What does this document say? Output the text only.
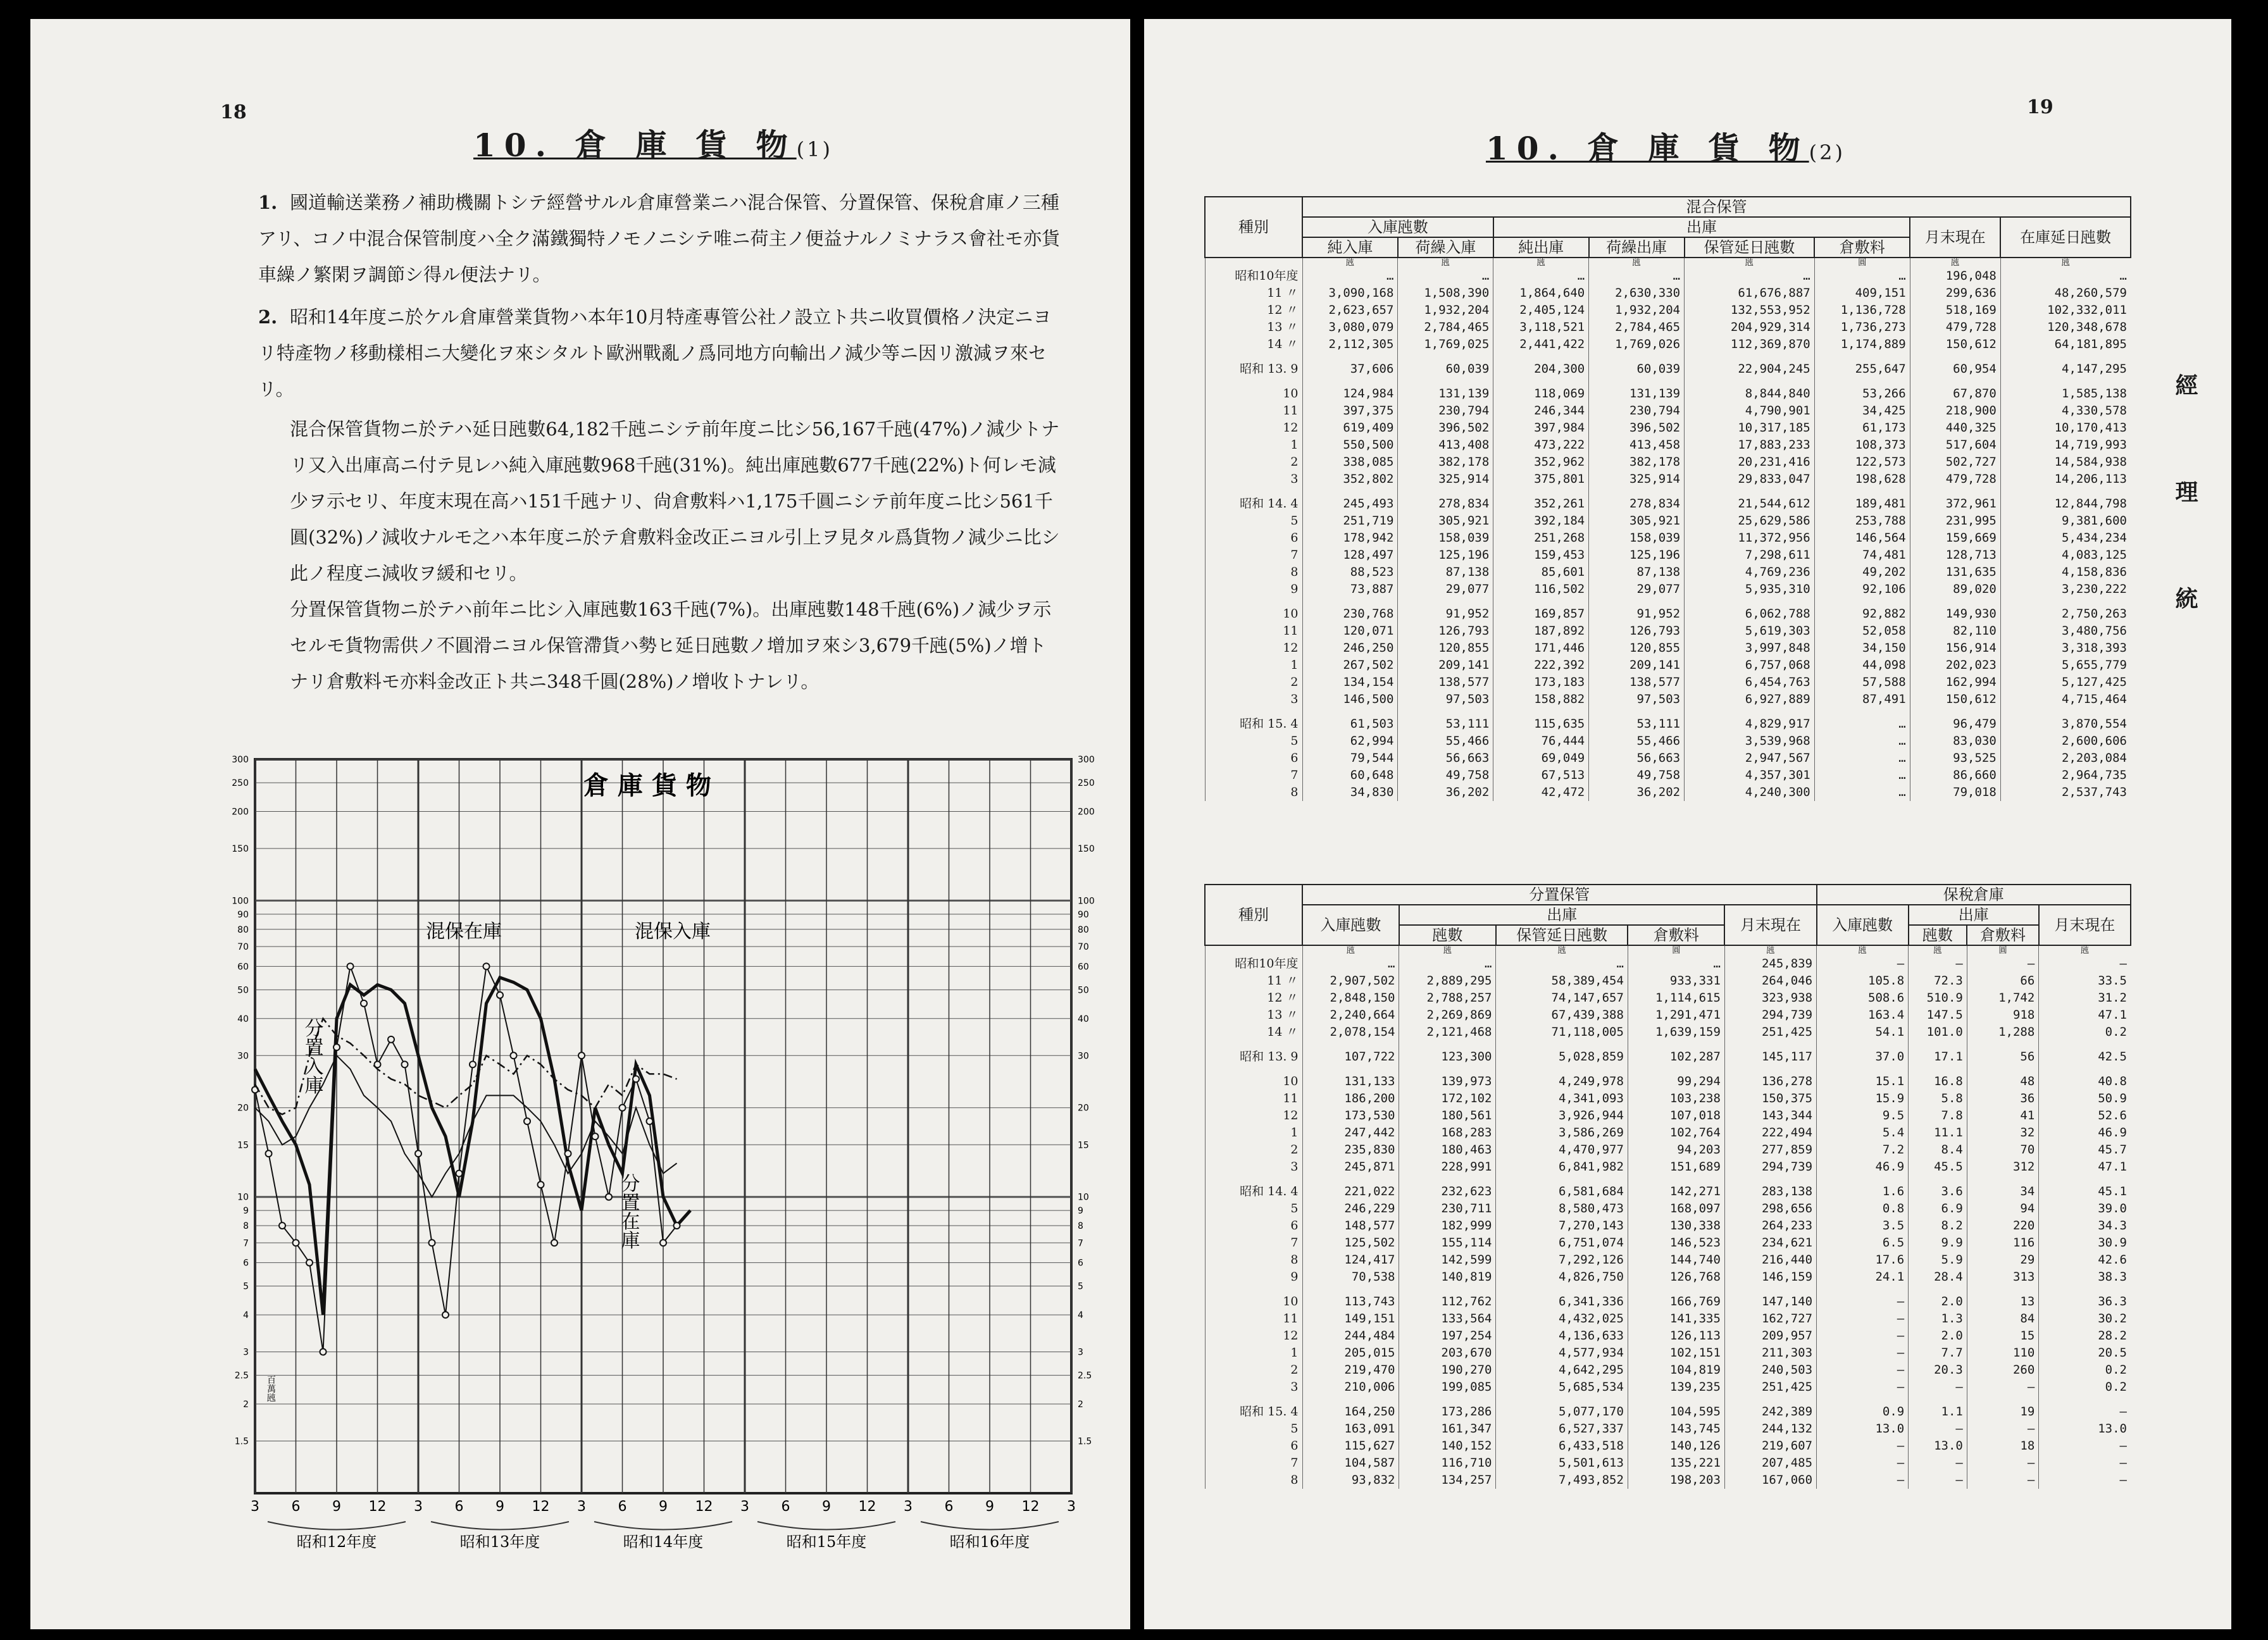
18
10. 倉 庫 貨 物(1)
1. 國道輸送業務ノ補助機關トシテ經營サルル倉庫營業ニハ混合保管、分置保管、保稅倉庫ノ三種アリ、コノ中混合保管制度ハ全ク滿鐵獨特ノモノニシテ唯ニ荷主ノ便益ナルノミナラス會社モ亦貨車繰ノ繁閑ヲ調節シ得ル便法ナリ。
2. 昭和14年度ニ於ケル倉庫營業貨物ハ本年10月特產專管公社ノ設立ト共ニ收買價格ノ決定ニヨリ特產物ノ移動樣相ニ大變化ヲ來シタルト歐洲戰亂ノ爲同地方向輸出ノ減少等ニ因リ激減ヲ來セリ。
混合保管貨物ニ於テハ延日瓲數64,182千瓲ニシテ前年度ニ比シ56,167千瓲(47%)ノ減少トナリ又入出庫高ニ付テ見レハ純入庫瓲數968千瓲(31%)。純出庫瓲數677千瓲(22%)ト何レモ減少ヲ示セリ、年度末現在高ハ151千瓲ナリ、尙倉敷料ハ1,175千圓ニシテ前年度ニ比シ561千圓(32%)ノ減收ナルモ之ハ本年度ニ於テ倉敷料金改正ニヨル引上ヲ見タル爲貨物ノ減少ニ比シ此ノ程度ニ減收ヲ緩和セリ。
分置保管貨物ニ於テハ前年ニ比シ入庫瓲數163千瓲(7%)。出庫瓲數148千瓲(6%)ノ減少ヲ示セルモ貨物需供ノ不圓滑ニヨル保管滯貨ハ勢ヒ延日瓲數ノ增加ヲ來シ3,679千瓲(5%)ノ增トナリ倉敷料モ亦料金改正ト共ニ348千圓(28%)ノ增收トナレリ。
300	300
250	250
200	200
150	150
100	100
90	90
80	80
70	70
60	60
50	50
40	40
30	30
20	20
15	15
10	10
9	9
8	8
7	7
6	6
5	5
4	4
3	3
2.5	2.5
2	2
1.5	1.5
3 6 9 12 3 6 9 12 3 6 9 12 3 6 9 12 3 6 9 12 3
昭和12年度	昭和13年度	昭和14年度	昭和15年度	昭和16年度
倉 庫 貨 物
百萬瓲
混保在庫	混保入庫
分置入庫
分置在庫
19
10. 倉 庫 貨 物(2)
經 理 統
種別	混合保管							
	入庫瓲數		出庫				月末現在	在庫延日瓲數
	純入庫	荷繰入庫	純出庫	荷繰出庫	保管延日瓲數	倉敷料		
	瓲	瓲	瓲	瓲	瓲	圓	瓲	瓲
昭和10年度	…	…	…	…	…	…	196,048	…
11 〃	3,090,168	1,508,390	1,864,640	2,630,330	61,676,887	409,151	299,636	48,260,579
12 〃	2,623,657	1,932,204	2,405,124	1,932,204	132,553,952	1,136,728	518,169	102,332,011
13 〃	3,080,079	2,784,465	3,118,521	2,784,465	204,929,314	1,736,273	479,728	120,348,678
14 〃	2,112,305	1,769,025	2,441,422	1,769,026	112,369,870	1,174,889	150,612	64,181,895

昭和 13. 9	37,606	60,039	204,300	60,039	22,904,245	255,647	60,954	4,147,295

10	124,984	131,139	118,069	131,139	8,844,840	53,266	67,870	1,585,138
11	397,375	230,794	246,344	230,794	4,790,901	34,425	218,900	4,330,578
12	619,409	396,502	397,984	396,502	10,317,185	61,173	440,325	10,170,413
1	550,500	413,408	473,222	413,458	17,883,233	108,373	517,604	14,719,993
2	338,085	382,178	352,962	382,178	20,231,416	122,573	502,727	14,584,938
3	352,802	325,914	375,801	325,914	29,833,047	198,628	479,728	14,206,113

昭和 14. 4	245,493	278,834	352,261	278,834	21,544,612	189,481	372,961	12,844,798
5	251,719	305,921	392,184	305,921	25,629,586	253,788	231,995	9,381,600
6	178,942	158,039	251,268	158,039	11,372,956	146,564	159,669	5,434,234
7	128,497	125,196	159,453	125,196	7,298,611	74,481	128,713	4,083,125
8	88,523	87,138	85,601	87,138	4,769,236	49,202	131,635	4,158,836
9	73,887	29,077	116,502	29,077	5,935,310	92,106	89,020	3,230,222

10	230,768	91,952	169,857	91,952	6,062,788	92,882	149,930	2,750,263
11	120,071	126,793	187,892	126,793	5,619,303	52,058	82,110	3,480,756
12	246,250	120,855	171,446	120,855	3,997,848	34,150	156,914	3,318,393
1	267,502	209,141	222,392	209,141	6,757,068	44,098	202,023	5,655,779
2	134,154	138,577	173,183	138,577	6,454,763	57,588	162,994	5,127,425
3	146,500	97,503	158,882	97,503	6,927,889	87,491	150,612	4,715,464

昭和 15. 4	61,503	53,111	115,635	53,111	4,829,917	…	96,479	3,870,554
5	62,994	55,466	76,444	55,466	3,539,968	…	83,030	2,600,606
6	79,544	56,663	69,049	56,663	2,947,567	…	93,525	2,203,084
7	60,648	49,758	67,513	49,758	4,357,301	…	86,660	2,964,735
8	34,830	36,202	42,472	36,202	4,240,300	…	79,018	2,537,743
種別	分置保管					保稅倉庫			
	入庫瓲數	出庫			月末現在	入庫瓲數	出庫		月末現在
		瓲數	保管延日瓲數	倉敷料			瓲數	倉敷料	
	瓲	瓲	瓲	圓	瓲	瓲	瓲	圓	瓲
昭和10年度	…	…	…	…	245,839	—	—	—	—
11 〃	2,907,502	2,889,295	58,389,454	933,331	264,046	105.8	72.3	66	33.5
12 〃	2,848,150	2,788,257	74,147,657	1,114,615	323,938	508.6	510.9	1,742	31.2
13 〃	2,240,664	2,269,869	67,439,388	1,291,471	294,739	163.4	147.5	918	47.1
14 〃	2,078,154	2,121,468	71,118,005	1,639,159	251,425	54.1	101.0	1,288	0.2

昭和 13. 9	107,722	123,300	5,028,859	102,287	145,117	37.0	17.1	56	42.5

10	131,133	139,973	4,249,978	99,294	136,278	15.1	16.8	48	40.8
11	186,200	172,102	4,341,093	103,238	150,375	15.9	5.8	36	50.9
12	173,530	180,561	3,926,944	107,018	143,344	9.5	7.8	41	52.6
1	247,442	168,283	3,586,269	102,764	222,494	5.4	11.1	32	46.9
2	235,830	180,463	4,470,977	94,203	277,859	7.2	8.4	70	45.7
3	245,871	228,991	6,841,982	151,689	294,739	46.9	45.5	312	47.1

昭和 14. 4	221,022	232,623	6,581,684	142,271	283,138	1.6	3.6	34	45.1
5	246,229	230,711	8,580,473	168,097	298,656	0.8	6.9	94	39.0
6	148,577	182,999	7,270,143	130,338	264,233	3.5	8.2	220	34.3
7	125,502	155,114	6,751,074	146,523	234,621	6.5	9.9	116	30.9
8	124,417	142,599	7,292,126	144,740	216,440	17.6	5.9	29	42.6
9	70,538	140,819	4,826,750	126,768	146,159	24.1	28.4	313	38.3

10	113,743	112,762	6,341,336	166,769	147,140	—	2.0	13	36.3
11	149,151	133,564	4,432,025	141,335	162,727	—	1.3	84	30.2
12	244,484	197,254	4,136,633	126,113	209,957	—	2.0	15	28.2
1	205,015	203,670	4,577,934	102,151	211,303	—	7.7	110	20.5
2	219,470	190,270	4,642,295	104,819	240,503	—	20.3	260	0.2
3	210,006	199,085	5,685,534	139,235	251,425	—	—	—	0.2

昭和 15. 4	164,250	173,286	5,077,170	104,595	242,389	0.9	1.1	19	—
5	163,091	161,347	6,527,337	143,745	244,132	13.0	—	—	13.0
6	115,627	140,152	6,433,518	140,126	219,607	—	13.0	18	—
7	104,587	116,710	5,501,613	135,221	207,485	—	—	—	—
8	93,832	134,257	7,493,852	198,203	167,060	—	—	—	—
